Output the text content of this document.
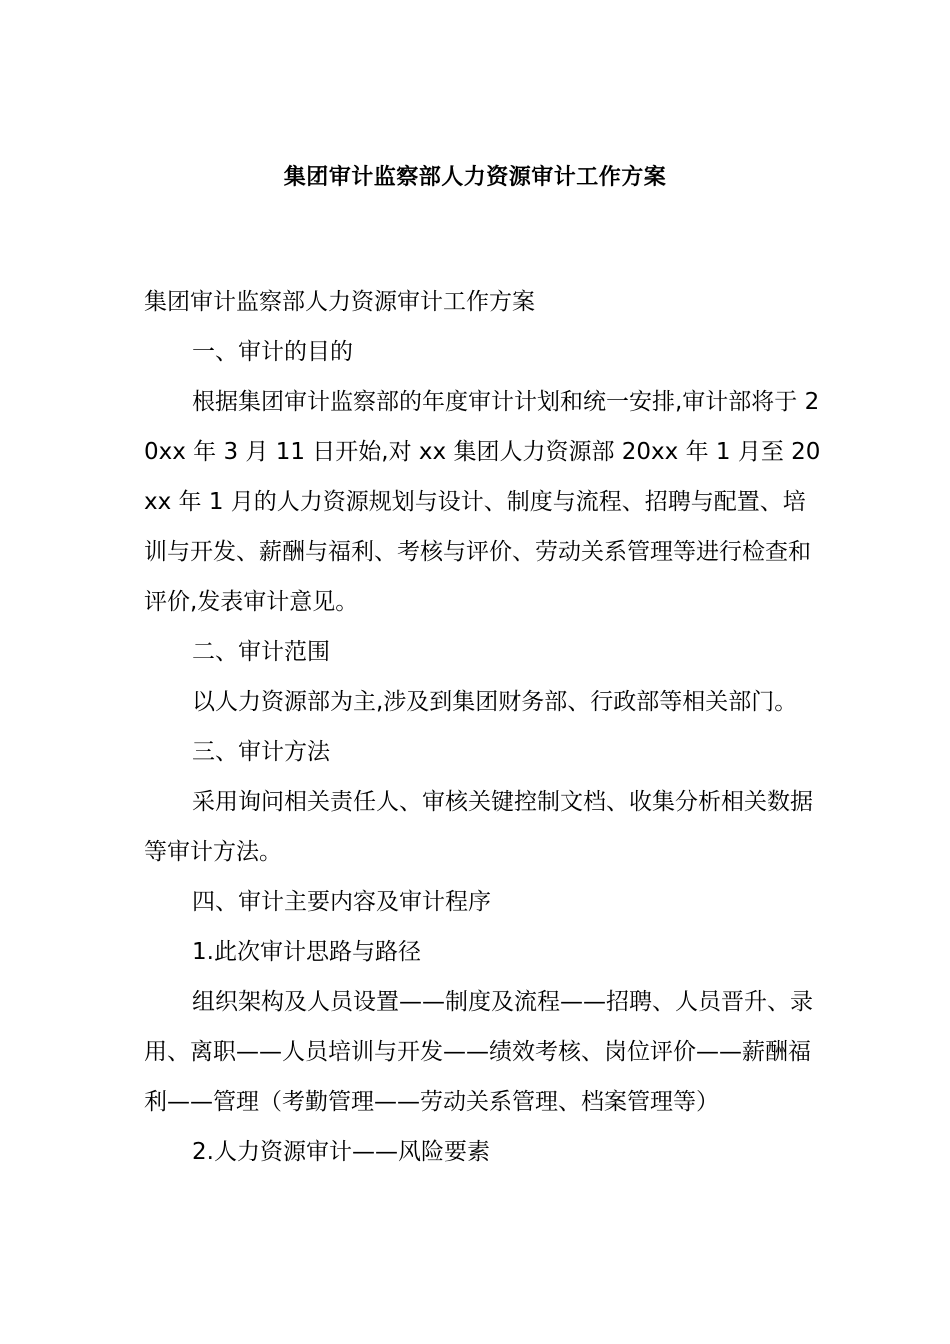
集团审计监察部人力资源审计工作方案

集团审计监察部人力资源审计工作方案

一、审计的目的

根据集团审计监察部的年度审计计划和统一安排,审计部将于 20xx 年 3 月 11 日开始,对 xx 集团人力资源部 20xx 年 1 月至 20xx 年 1 月的人力资源规划与设计、制度与流程、招聘与配置、培训与开发、薪酬与福利、考核与评价、劳动关系管理等进行检查和评价,发表审计意见。

二、审计范围

以人力资源部为主,涉及到集团财务部、行政部等相关部门。

三、审计方法

采用询问相关责任人、审核关键控制文档、收集分析相关数据等审计方法。

四、审计主要内容及审计程序

1.此次审计思路与路径

组织架构及人员设置——制度及流程——招聘、人员晋升、录用、离职——人员培训与开发——绩效考核、岗位评价——薪酬福利——管理（考勤管理——劳动关系管理、档案管理等）

2.人力资源审计——风险要素
